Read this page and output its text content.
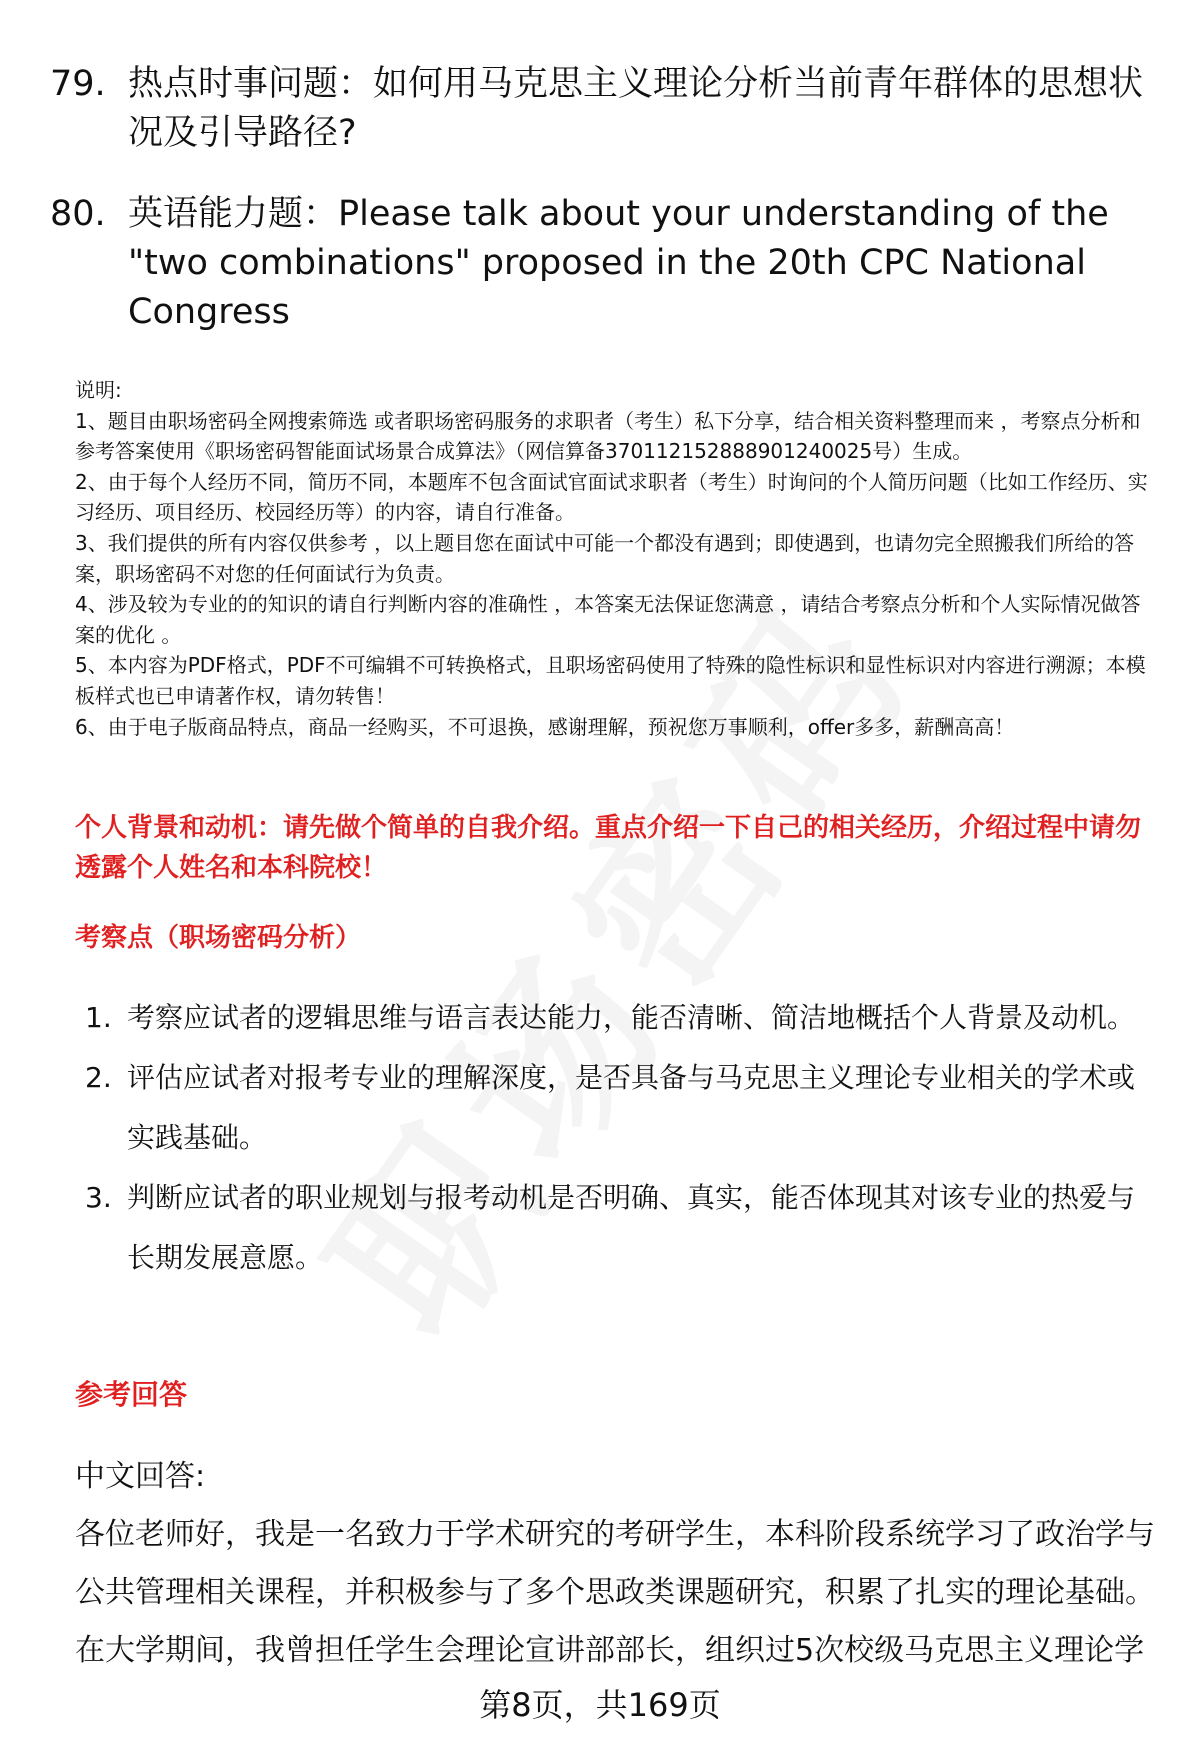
79. 热点时事问题：如何用马克思主义理论分析当前青年群体的思想状况及引导路径?
80. 英语能力题：Please talk about your understanding of the "two combinations" proposed in the 20th CPC National Congress
说明:
1、题目由职场密码全网搜索筛选 或者职场密码服务的求职者（考生）私下分享，结合相关资料整理而来 ，考察点分析和参考答案使用《职场密码智能面试场景合成算法》（网信算备370112152888901240025号）生成。
2、由于每个人经历不同，简历不同，本题库不包含面试官面试求职者（考生）时询问的个人简历问题（比如工作经历、实习经历、项目经历、校园经历等）的内容，请自行准备。
3、我们提供的所有内容仅供参考 ，以上题目您在面试中可能一个都没有遇到；即使遇到，也请勿完全照搬我们所给的答案，职场密码不对您的任何面试行为负责。
4、涉及较为专业的的知识的请自行判断内容的准确性 ，本答案无法保证您满意 ，请结合考察点分析和个人实际情况做答案的优化 。
5、本内容为PDF格式，PDF不可编辑不可转换格式，且职场密码使用了特殊的隐性标识和显性标识对内容进行溯源；本模板样式也已申请著作权，请勿转售！
6、由于电子版商品特点，商品一经购买，不可退换，感谢理解，预祝您万事顺利，offer多多，薪酬高高！
个人背景和动机：请先做个简单的自我介绍。重点介绍一下自己的相关经历，介绍过程中请勿透露个人姓名和本科院校！
考察点（职场密码分析）
1. 考察应试者的逻辑思维与语言表达能力，能否清晰、简洁地概括个人背景及动机。
2. 评估应试者对报考专业的理解深度，是否具备与马克思主义理论专业相关的学术或实践基础。
3. 判断应试者的职业规划与报考动机是否明确、真实，能否体现其对该专业的热爱与长期发展意愿。
参考回答
中文回答:
各位老师好，我是一名致力于学术研究的考研学生，本科阶段系统学习了政治学与公共管理相关课程，并积极参与了多个思政类课题研究，积累了扎实的理论基础。在大学期间，我曾担任学生会理论宣讲部部长，组织过5次校级马克思主义理论学
第8页，共169页
